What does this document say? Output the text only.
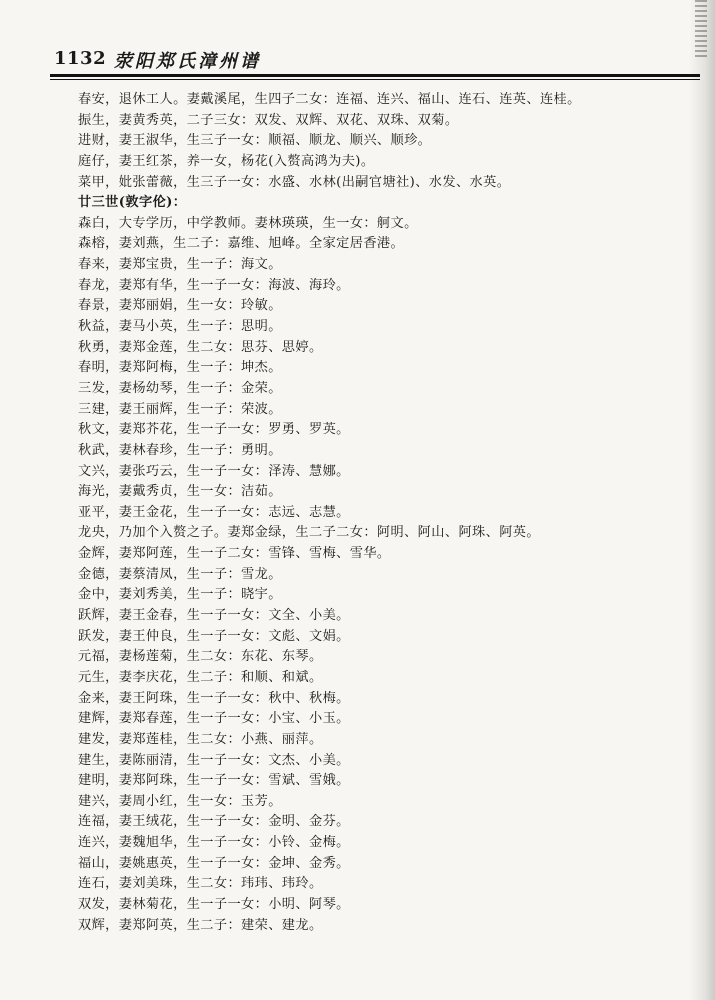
1132 荥阳郑氏漳州谱
春安，退休工人。妻戴溪尾，生四子二女：连福、连兴、福山、连石、连英、连桂。
振生，妻黄秀英，二子三女：双发、双辉、双花、双珠、双菊。
进财，妻王淑华，生三子一女：顺福、顺龙、顺兴、顺珍。
庭仔，妻王红茶，养一女，杨花(入赘高鸿为夫)。
菜甲，妣张蕾薇，生三子一女：水盛、水林(出嗣官塘社)、水发、水英。
廿三世(敦字伦)：
森白，大专学历，中学教师。妻林瑛瑛，生一女：舸文。
森榕，妻刘燕，生二子：嘉维、旭峰。全家定居香港。
春来，妻郑宝贵，生一子：海文。
春龙，妻郑有华，生一子一女：海波、海玲。
春景，妻郑丽娟，生一女：玲敏。
秋益，妻马小英，生一子：思明。
秋勇，妻郑金莲，生二女：思芬、思婷。
春明，妻郑阿梅，生一子：坤杰。
三发，妻杨幼琴，生一子：金荣。
三建，妻王丽辉，生一子：荣波。
秋文，妻郑芥花，生一子一女：罗勇、罗英。
秋武，妻林春珍，生一子：勇明。
文兴，妻张巧云，生一子一女：泽涛、慧娜。
海光，妻戴秀贞，生一女：洁茹。
亚平，妻王金花，生一子一女：志远、志慧。
龙央，乃加个入赘之子。妻郑金绿，生二子二女：阿明、阿山、阿珠、阿英。
金辉，妻郑阿莲，生一子二女：雪锋、雪梅、雪华。
金德，妻蔡清凤，生一子：雪龙。
金中，妻刘秀美，生一子：晓宇。
跃辉，妻王金春，生一子一女：文全、小美。
跃发，妻王仲良，生一子一女：文彪、文娟。
元福，妻杨莲菊，生二女：东花、东琴。
元生，妻李庆花，生二子：和顺、和斌。
金来，妻王阿珠，生一子一女：秋中、秋梅。
建辉，妻郑春莲，生一子一女：小宝、小玉。
建发，妻郑莲桂，生二女：小燕、丽萍。
建生，妻陈丽清，生一子一女：文杰、小美。
建明，妻郑阿珠，生一子一女：雪斌、雪娥。
建兴，妻周小红，生一女：玉芳。
连福，妻王绒花，生一子一女：金明、金芬。
连兴，妻魏旭华，生一子一女：小铃、金梅。
福山，妻姚惠英，生一子一女：金坤、金秀。
连石，妻刘美珠，生二女：玮玮、玮玲。
双发，妻林菊花，生一子一女：小明、阿琴。
双辉，妻郑阿英，生二子：建荣、建龙。
